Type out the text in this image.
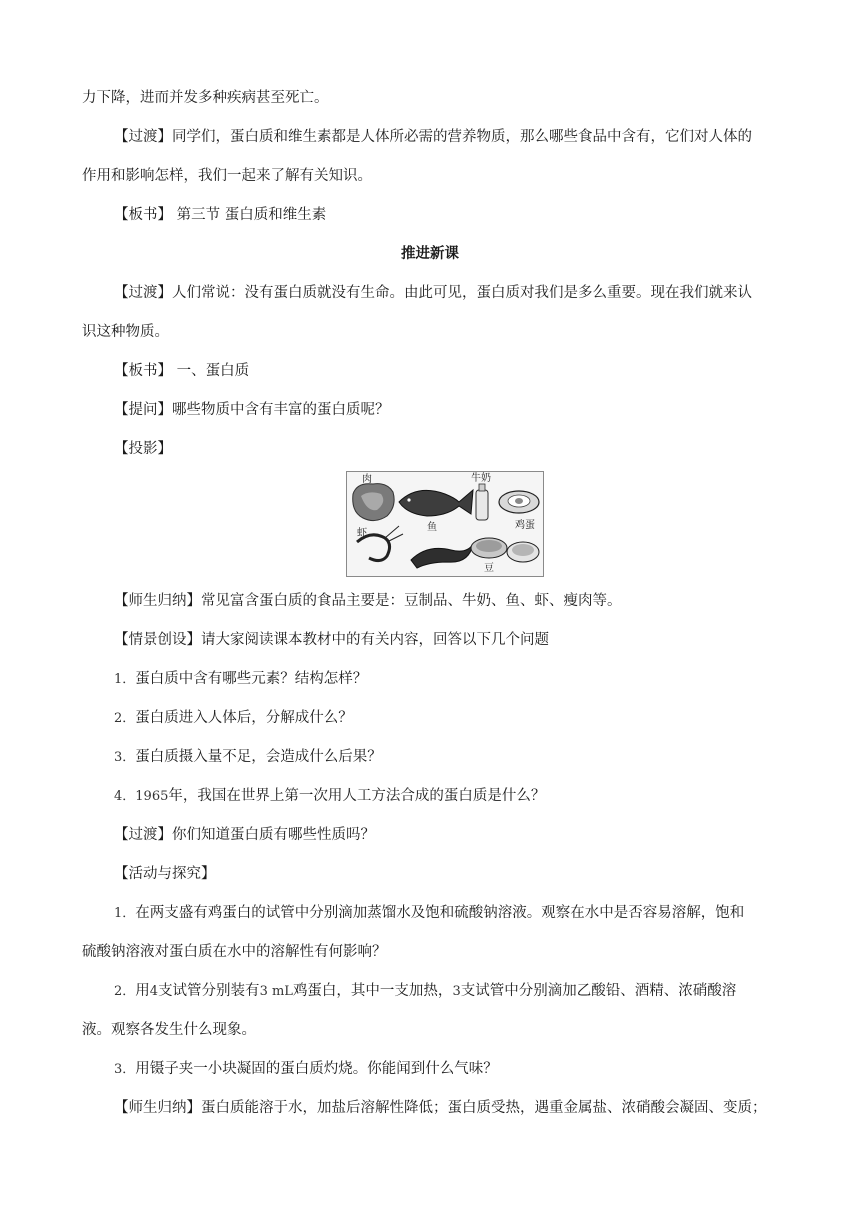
力下降，进而并发多种疾病甚至死亡。
【过渡】同学们，蛋白质和维生素都是人体所必需的营养物质，那么哪些食品中含有，它们对人体的
作用和影响怎样，我们一起来了解有关知识。
【板书】 第三节 蛋白质和维生素
推进新课
【过渡】人们常说：没有蛋白质就没有生命。由此可见，蛋白质对我们是多么重要。现在我们就来认
识这种物质。
【板书】 一、蛋白质
【提问】哪些物质中含有丰富的蛋白质呢？
【投影】
肉
鱼
牛奶
鸡蛋
虾
豆
【师生归纳】常见富含蛋白质的食品主要是：豆制品、牛奶、鱼、虾、瘦肉等。
【情景创设】请大家阅读课本教材中的有关内容，回答以下几个问题
1．蛋白质中含有哪些元素？结构怎样？
2．蛋白质进入人体后，分解成什么？
3．蛋白质摄入量不足，会造成什么后果？
4．1965年，我国在世界上第一次用人工方法合成的蛋白质是什么？
【过渡】你们知道蛋白质有哪些性质吗？
【活动与探究】
1．在两支盛有鸡蛋白的试管中分别滴加蒸馏水及饱和硫酸钠溶液。观察在水中是否容易溶解，饱和
硫酸钠溶液对蛋白质在水中的溶解性有何影响？
2．用4支试管分别装有3 mL鸡蛋白，其中一支加热，3支试管中分别滴加乙酸铅、酒精、浓硝酸溶
液。观察各发生什么现象。
3．用镊子夹一小块凝固的蛋白质灼烧。你能闻到什么气味？
【师生归纳】蛋白质能溶于水，加盐后溶解性降低；蛋白质受热，遇重金属盐、浓硝酸会凝固、变质；
